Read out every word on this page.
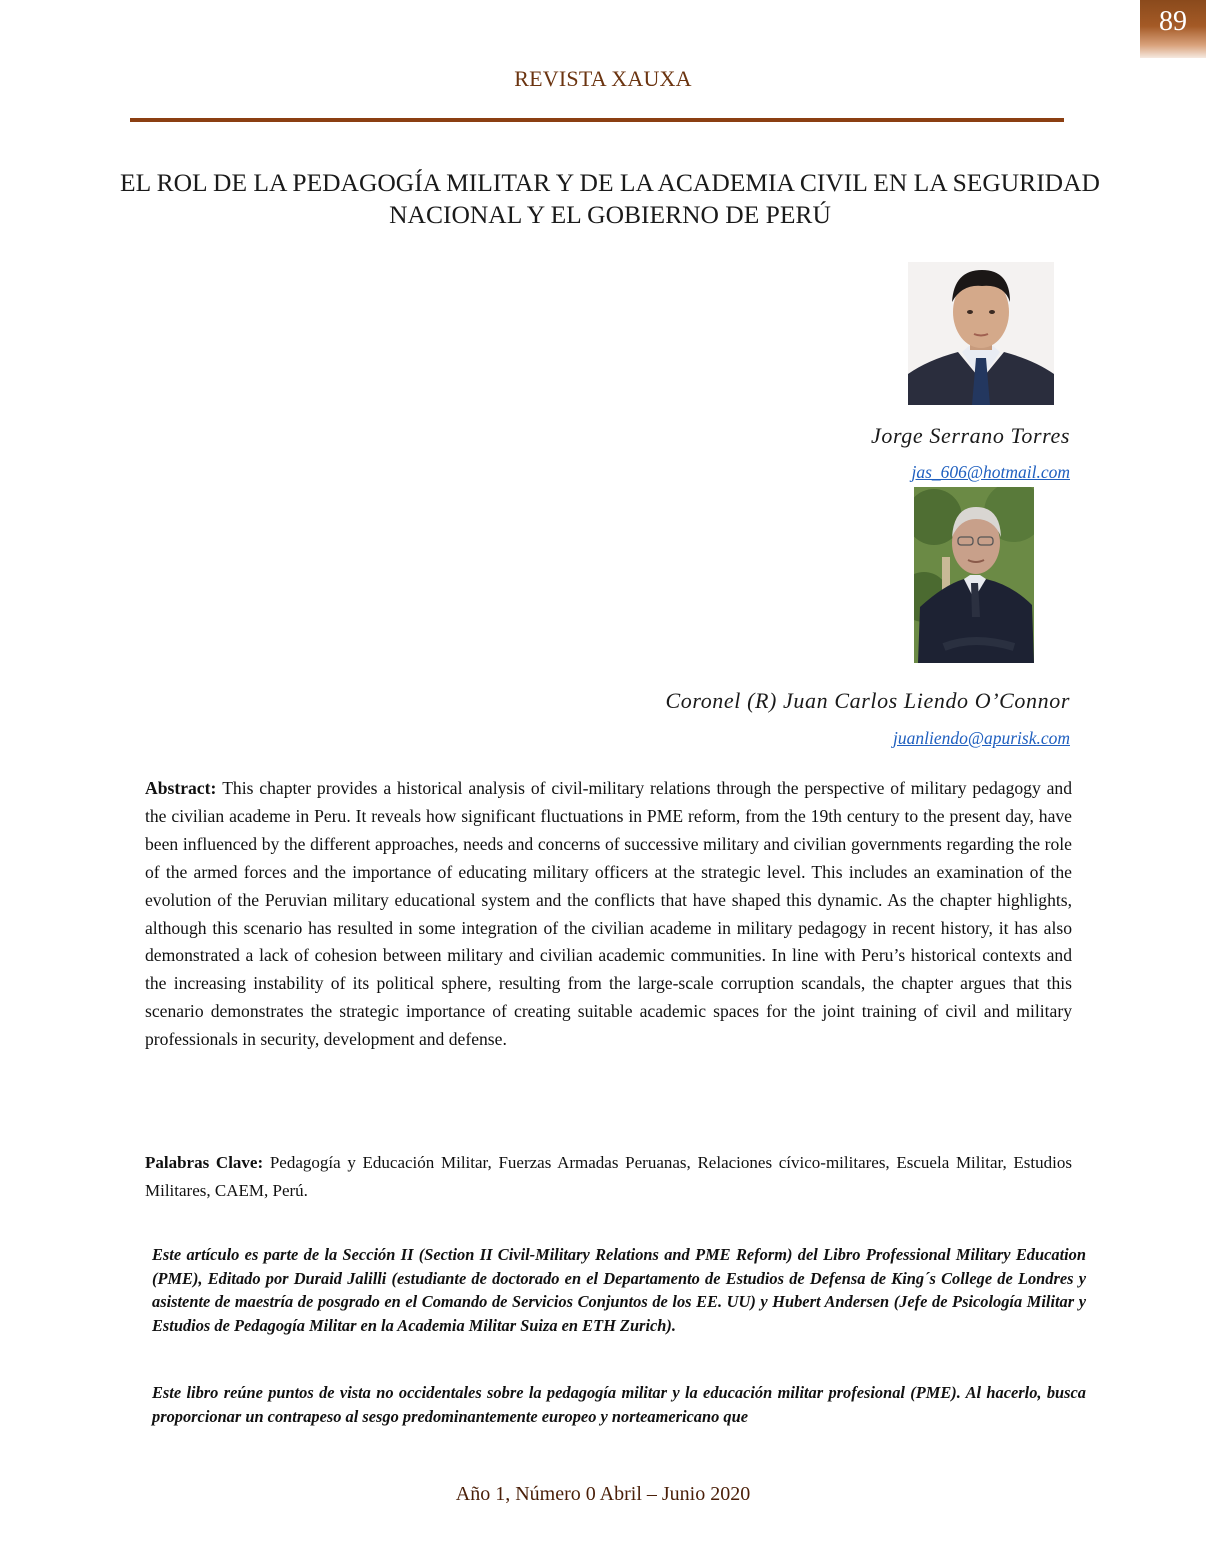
89
REVISTA XAUXA
EL ROL DE LA PEDAGOGÍA MILITAR Y DE LA ACADEMIA CIVIL EN LA SEGURIDAD NACIONAL Y EL GOBIERNO DE PERÚ
Jorge Serrano Torres
jas_606@hotmail.com
Coronel (R) Juan Carlos Liendo O’Connor
juanliendo@apurisk.com
Abstract: This chapter provides a historical analysis of civil-military relations through the perspective of military pedagogy and the civilian academe in Peru. It reveals how significant fluctuations in PME reform, from the 19th century to the present day, have been influenced by the different approaches, needs and concerns of successive military and civilian governments regarding the role of the armed forces and the importance of educating military officers at the strategic level. This includes an examination of the evolution of the Peruvian military educational system and the conflicts that have shaped this dynamic. As the chapter highlights, although this scenario has resulted in some integration of the civilian academe in military pedagogy in recent history, it has also demonstrated a lack of cohesion between military and civilian academic communities. In line with Peru’s historical contexts and the increasing instability of its political sphere, resulting from the large-scale corruption scandals, the chapter argues that this scenario demonstrates the strategic importance of creating suitable academic spaces for the joint training of civil and military professionals in security, development and defense.
Palabras Clave: Pedagogía y Educación Militar, Fuerzas Armadas Peruanas, Relaciones cívico-militares, Escuela Militar, Estudios Militares, CAEM, Perú.

Este artículo es parte de la Sección II (Section II Civil-Military Relations and PME Reform) del Libro Professional Military Education (PME), Editado por Duraid Jalilli (estudiante de doctorado en el Departamento de Estudios de Defensa de King´s College de Londres y asistente de maestría de posgrado en el Comando de Servicios Conjuntos de los EE. UU) y Hubert Andersen (Jefe de Psicología Militar y Estudios de Pedagogía Militar en la Academia Militar Suiza en ETH Zurich).

Este libro reúne puntos de vista no occidentales sobre la pedagogía militar y la educación militar profesional (PME). Al hacerlo, busca proporcionar un contrapeso al sesgo predominantemente europeo y norteamericano que

Año 1, Número 0 Abril – Junio 2020
